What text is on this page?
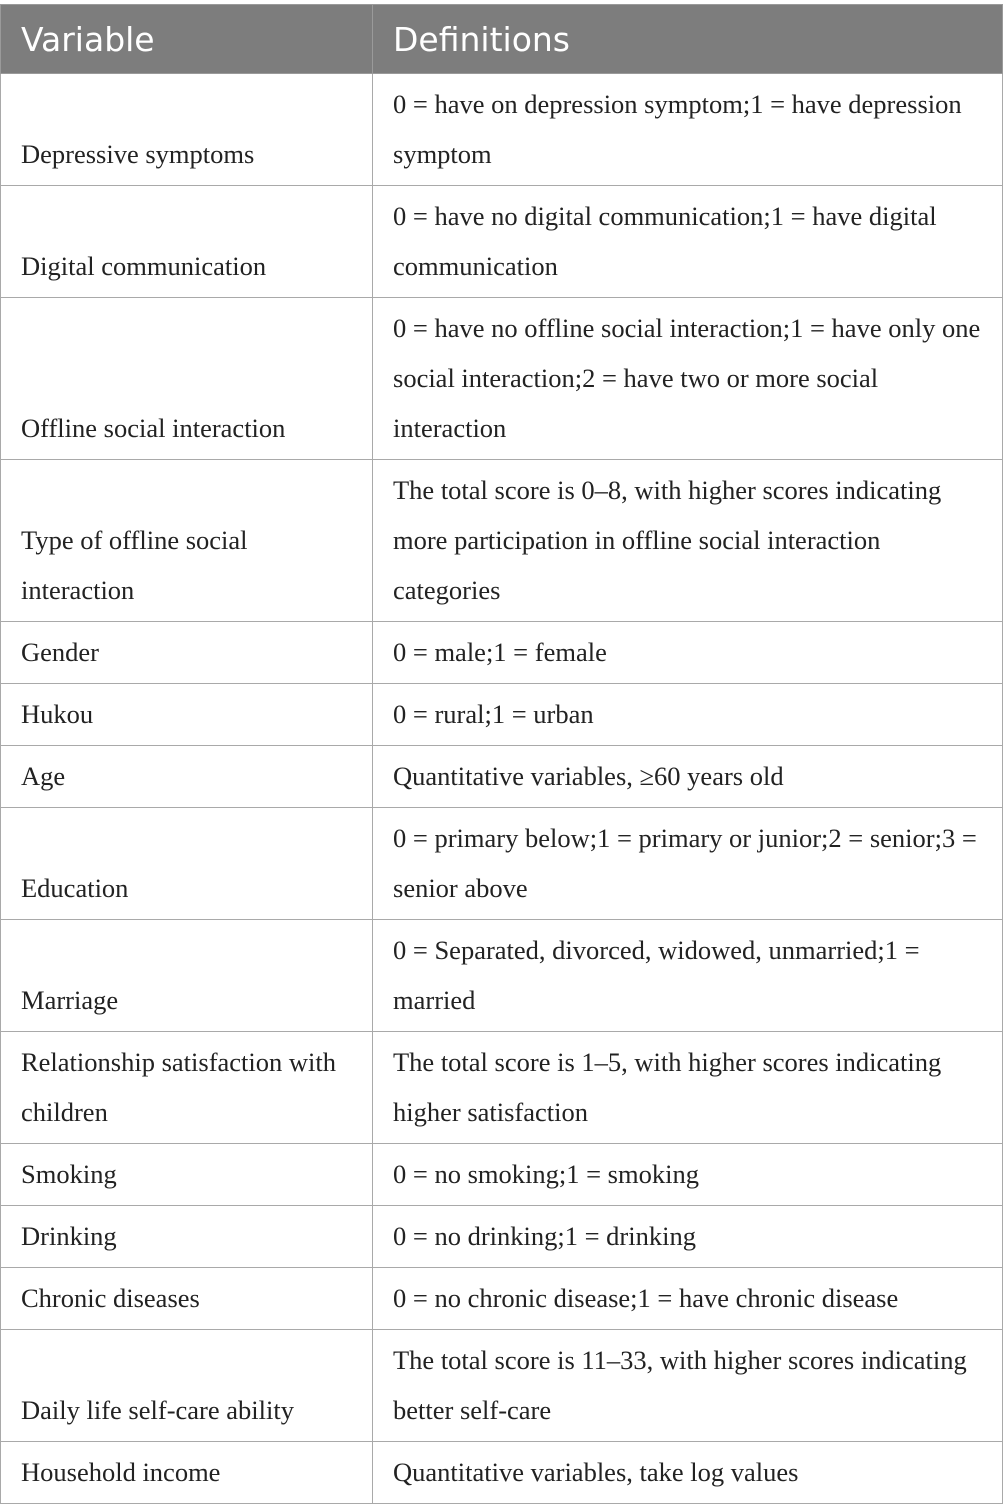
Variable	Definitions
Depressive symptoms	0 = have on depression symptom;1 = have depression symptom
Digital communication	0 = have no digital communication;1 = have digital communication
Offline social interaction	0 = have no offline social interaction;1 = have only one social interaction;2 = have two or more social interaction
Type of offline social interaction	The total score is 0–8, with higher scores indicating more participation in offline social interaction categories
Gender	0 = male;1 = female
Hukou	0 = rural;1 = urban
Age	Quantitative variables, ≥60 years old
Education	0 = primary below;1 = primary or junior;2 = senior;3 = senior above
Marriage	0 = Separated, divorced, widowed, unmarried;1 = married
Relationship satisfaction with children	The total score is 1–5, with higher scores indicating higher satisfaction
Smoking	0 = no smoking;1 = smoking
Drinking	0 = no drinking;1 = drinking
Chronic diseases	0 = no chronic disease;1 = have chronic disease
Daily life self-care ability	The total score is 11–33, with higher scores indicating better self-care
Household income	Quantitative variables, take log values
